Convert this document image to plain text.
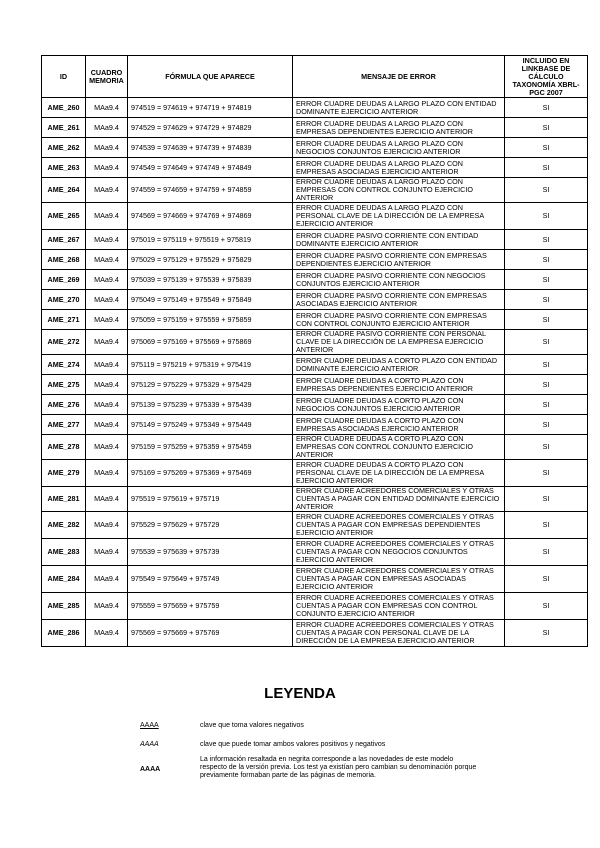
ID	CUADRO MEMORIA	FÓRMULA QUE APARECE	MENSAJE DE ERROR	INCLUIDO EN LINKBASE DE CÁLCULO TAXONOMÍA XBRL-PGC 2007
AME_260	MAa9.4	974519 = 974619 + 974719 + 974819	ERROR CUADRE DEUDAS A LARGO PLAZO CON ENTIDAD DOMINANTE EJERCICIO ANTERIOR	SI
AME_261	MAa9.4	974529 = 974629 + 974729 + 974829	ERROR CUADRE DEUDAS A LARGO PLAZO CON EMPRESAS DEPENDIENTES EJERCICIO ANTERIOR	SI
AME_262	MAa9.4	974539 = 974639 + 974739 + 974839	ERROR CUADRE DEUDAS A LARGO PLAZO CON NEGOCIOS CONJUNTOS EJERCICIO ANTERIOR	SI
AME_263	MAa9.4	974549 = 974649 + 974749 + 974849	ERROR CUADRE DEUDAS A LARGO PLAZO CON EMPRESAS ASOCIADAS EJERCICIO ANTERIOR	SI
AME_264	MAa9.4	974559 = 974659 + 974759 + 974859	ERROR CUADRE DEUDAS A LARGO PLAZO CON EMPRESAS CON CONTROL CONJUNTO EJERCICIO ANTERIOR	SI
AME_265	MAa9.4	974569 = 974669 + 974769 + 974869	ERROR CUADRE DEUDAS A LARGO PLAZO CON PERSONAL CLAVE DE LA DIRECCIÓN DE LA EMPRESA EJERCICIO ANTERIOR	SI
AME_267	MAa9.4	975019 = 975119 + 975519 + 975819	ERROR CUADRE PASIVO CORRIENTE CON ENTIDAD DOMINANTE EJERCICIO ANTERIOR	SI
AME_268	MAa9.4	975029 = 975129 + 975529 + 975829	ERROR CUADRE PASIVO CORRIENTE CON EMPRESAS DEPENDIENTES EJERCICIO ANTERIOR	SI
AME_269	MAa9.4	975039 = 975139 + 975539 + 975839	ERROR CUADRE PASIVO CORRIENTE CON NEGOCIOS CONJUNTOS EJERCICIO ANTERIOR	SI
AME_270	MAa9.4	975049 = 975149 + 975549 + 975849	ERROR CUADRE PASIVO CORRIENTE CON EMPRESAS ASOCIADAS EJERCICIO ANTERIOR	SI
AME_271	MAa9.4	975059 = 975159 + 975559 + 975859	ERROR CUADRE PASIVO CORRIENTE CON EMPRESAS CON CONTROL CONJUNTO EJERCICIO ANTERIOR	SI
AME_272	MAa9.4	975069 = 975169 + 975569 + 975869	ERROR CUADRE PASIVO CORRIENTE CON PERSONAL CLAVE DE LA DIRECCIÓN DE LA EMPRESA EJERCICIO ANTERIOR	SI
AME_274	MAa9.4	975119 = 975219 + 975319 + 975419	ERROR CUADRE DEUDAS A CORTO PLAZO CON ENTIDAD DOMINANTE EJERCICIO ANTERIOR	SI
AME_275	MAa9.4	975129 = 975229 + 975329 + 975429	ERROR CUADRE DEUDAS A CORTO PLAZO CON EMPRESAS DEPENDIENTES EJERCICIO ANTERIOR	SI
AME_276	MAa9.4	975139 = 975239 + 975339 + 975439	ERROR CUADRE DEUDAS A CORTO PLAZO CON NEGOCIOS CONJUNTOS EJERCICIO ANTERIOR	SI
AME_277	MAa9.4	975149 = 975249 + 975349 + 975449	ERROR CUADRE DEUDAS A CORTO PLAZO CON EMPRESAS ASOCIADAS EJERCICIO ANTERIOR	SI
AME_278	MAa9.4	975159 = 975259 + 975359 + 975459	ERROR CUADRE DEUDAS A CORTO PLAZO CON EMPRESAS CON CONTROL CONJUNTO EJERCICIO ANTERIOR	SI
AME_279	MAa9.4	975169 = 975269 + 975369 + 975469	ERROR CUADRE DEUDAS A CORTO PLAZO CON PERSONAL CLAVE DE LA DIRECCIÓN DE LA EMPRESA EJERCICIO ANTERIOR	SI
AME_281	MAa9.4	975519 = 975619 + 975719	ERROR CUADRE ACREEDORES COMERCIALES Y OTRAS CUENTAS A PAGAR CON ENTIDAD DOMINANTE EJERCICIO ANTERIOR	SI
AME_282	MAa9.4	975529 = 975629 + 975729	ERROR CUADRE ACREEDORES COMERCIALES Y OTRAS CUENTAS A PAGAR CON EMPRESAS DEPENDIENTES EJERCICIO ANTERIOR	SI
AME_283	MAa9.4	975539 = 975639 + 975739	ERROR CUADRE ACREEDORES COMERCIALES Y OTRAS CUENTAS A PAGAR CON NEGOCIOS CONJUNTOS EJERCICIO ANTERIOR	SI
AME_284	MAa9.4	975549 = 975649 + 975749	ERROR CUADRE ACREEDORES COMERCIALES Y OTRAS CUENTAS A PAGAR CON EMPRESAS ASOCIADAS EJERCICIO ANTERIOR	SI
AME_285	MAa9.4	975559 = 975659 + 975759	ERROR CUADRE ACREEDORES COMERCIALES Y OTRAS CUENTAS A PAGAR CON EMPRESAS CON CONTROL CONJUNTO EJERCICIO ANTERIOR	SI
AME_286	MAa9.4	975569 = 975669 + 975769	ERROR CUADRE ACREEDORES COMERCIALES Y OTRAS CUENTAS A PAGAR CON PERSONAL CLAVE DE LA DIRECCIÓN DE LA EMPRESA EJERCICIO ANTERIOR	SI
LEYENDA
AAAA	clave que toma valores negativos
AAAA	clave que puede tomar ambos valores positivos y negativos
AAAA
La información resaltada en negrita corresponde a las novedades de este modelo respecto de la versión previa. Los test ya existían pero cambian su denominación porque previamente formaban parte de las páginas de memoria.
